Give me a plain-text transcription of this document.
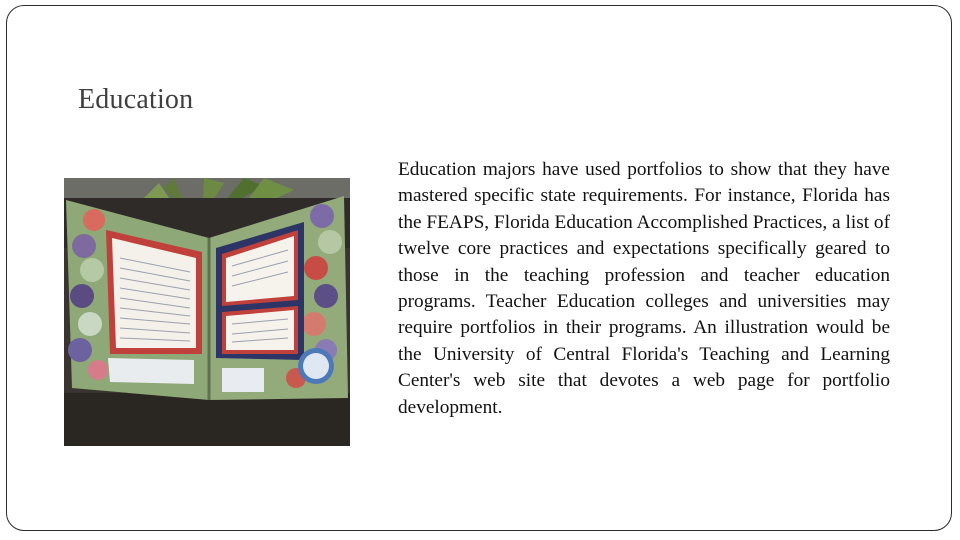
Education

Education majors have used portfolios to show that they have mastered specific state requirements. For instance, Florida has the FEAPS, Florida Education Accomplished Practices, a list of twelve core practices and expectations specifically geared to those in the teaching profession and teacher education programs. Teacher Education colleges and universities may require portfolios in their programs. An illustration would be the University of Central Florida's Teaching and Learning Center's web site that devotes a web page for portfolio development.
